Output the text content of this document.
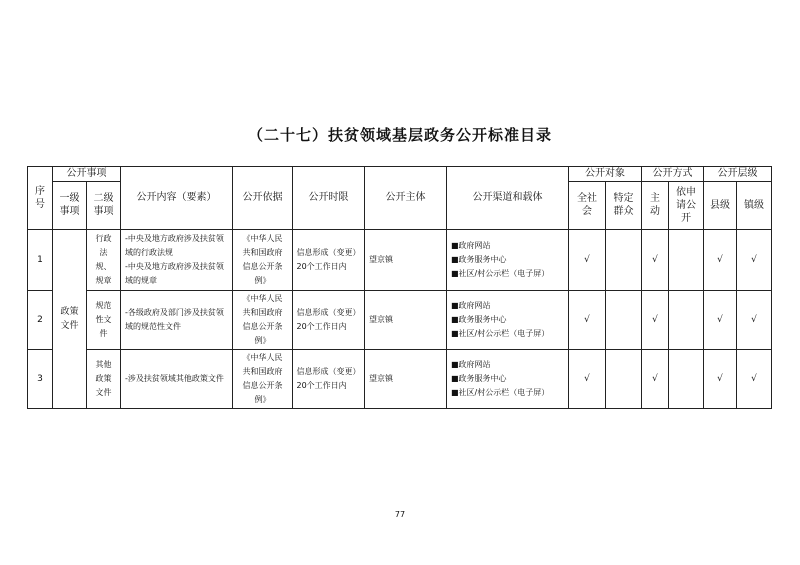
（二十七）扶贫领域基层政务公开标准目录
序号	公开事项		公开内容（要素）	公开依据	公开时限	公开主体	公开渠道和载体	公开对象		公开方式		公开层级	
	一级事项	二级事项						全社会	特定群众	主动	依申请公开	县级	镇级
1	政策文件	行政法规、规章	-中央及地方政府涉及扶贫领域的行政法规
-中央及地方政府涉及扶贫领域的规章	《中华人民共和国政府信息公开条例》	信息形成（变更）20个工作日内	望京镇	■政府网站
■政务服务中心
■社区/村公示栏（电子屏）	√		√		√	√
2		规范性文件	-各级政府及部门涉及扶贫领域的规范性文件	《中华人民共和国政府信息公开条例》	信息形成（变更）20个工作日内	望京镇	■政府网站
■政务服务中心
■社区/村公示栏（电子屏）	√		√		√	√
3		其他政策文件	-涉及扶贫领域其他政策文件	《中华人民共和国政府信息公开条例》	信息形成（变更）20个工作日内	望京镇	■政府网站
■政务服务中心
■社区/村公示栏（电子屏）	√		√		√	√
77
